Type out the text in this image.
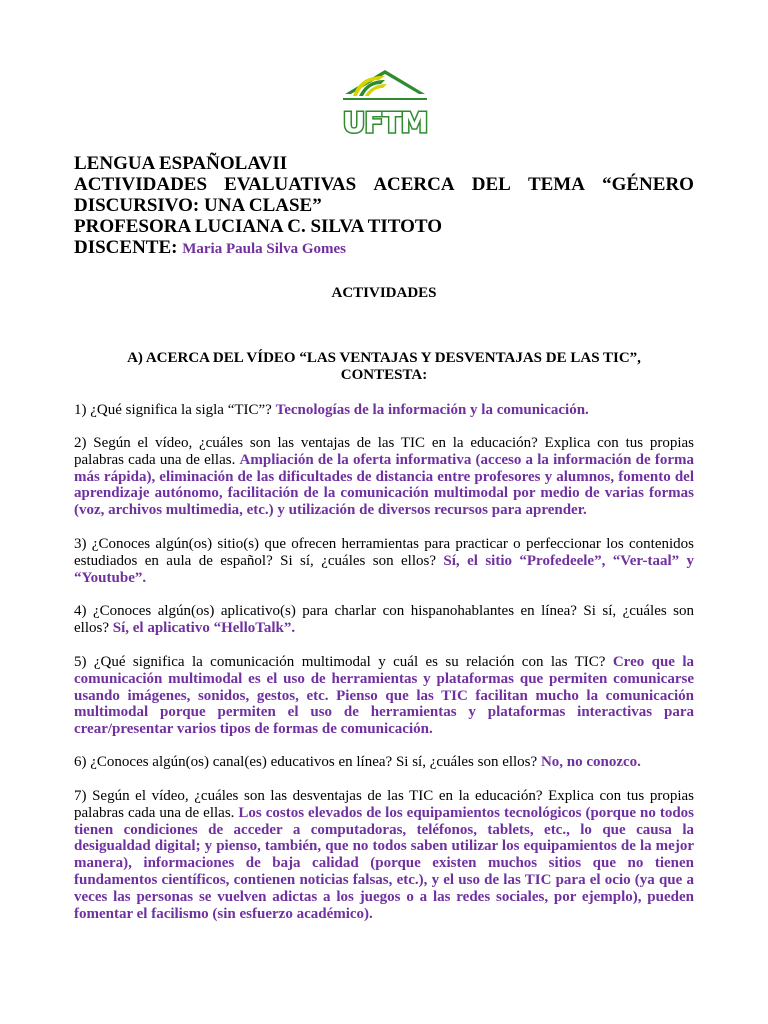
UFTM
LENGUA ESPAÑOLAVII
ACTIVIDADES EVALUATIVAS ACERCA DEL TEMA “GÉNERO
DISCURSIVO: UNA CLASE”
PROFESORA LUCIANA C. SILVA TITOTO
DISCENTE: Maria Paula Silva Gomes
ACTIVIDADES
A) ACERCA DEL VÍDEO “LAS VENTAJAS Y DESVENTAJAS DE LAS TIC”,
CONTESTA:
1) ¿Qué significa la sigla “TIC”? Tecnologías de la información y la comunicación.
2) Según el vídeo, ¿cuáles son las ventajas de las TIC en la educación? Explica con tus propias palabras cada una de ellas. Ampliación de la oferta informativa (acceso a la información de forma más rápida), eliminación de las dificultades de distancia entre profesores y alumnos, fomento del aprendizaje autónomo, facilitación de la comunicación multimodal por medio de varias formas (voz, archivos multimedia, etc.) y utilización de diversos recursos para aprender.
3) ¿Conoces algún(os) sitio(s) que ofrecen herramientas para practicar o perfeccionar los contenidos estudiados en aula de español? Si sí, ¿cuáles son ellos? Sí, el sitio “Profedeele”, “Ver-taal” y “Youtube”.
4) ¿Conoces algún(os) aplicativo(s) para charlar con hispanohablantes en línea? Si sí, ¿cuáles son ellos? Sí, el aplicativo “HelloTalk”.
5) ¿Qué significa la comunicación multimodal y cuál es su relación con las TIC? Creo que la comunicación multimodal es el uso de herramientas y plataformas que permiten comunicarse usando imágenes, sonidos, gestos, etc. Pienso que las TIC facilitan mucho la comunicación multimodal porque permiten el uso de herramientas y plataformas interactivas para crear/presentar varios tipos de formas de comunicación.
6) ¿Conoces algún(os) canal(es) educativos en línea? Si sí, ¿cuáles son ellos? No, no conozco.
7) Según el vídeo, ¿cuáles son las desventajas de las TIC en la educación? Explica con tus propias palabras cada una de ellas. Los costos elevados de los equipamientos tecnológicos (porque no todos tienen condiciones de acceder a computadoras, teléfonos, tablets, etc., lo que causa la desigualdad digital; y pienso, también, que no todos saben utilizar los equipamientos de la mejor manera), informaciones de baja calidad (porque existen muchos sitios que no tienen fundamentos científicos, contienen noticias falsas, etc.), y el uso de las TIC para el ocio (ya que a veces las personas se vuelven adictas a los juegos o a las redes sociales, por ejemplo), pueden fomentar el facilismo (sin esfuerzo académico).
